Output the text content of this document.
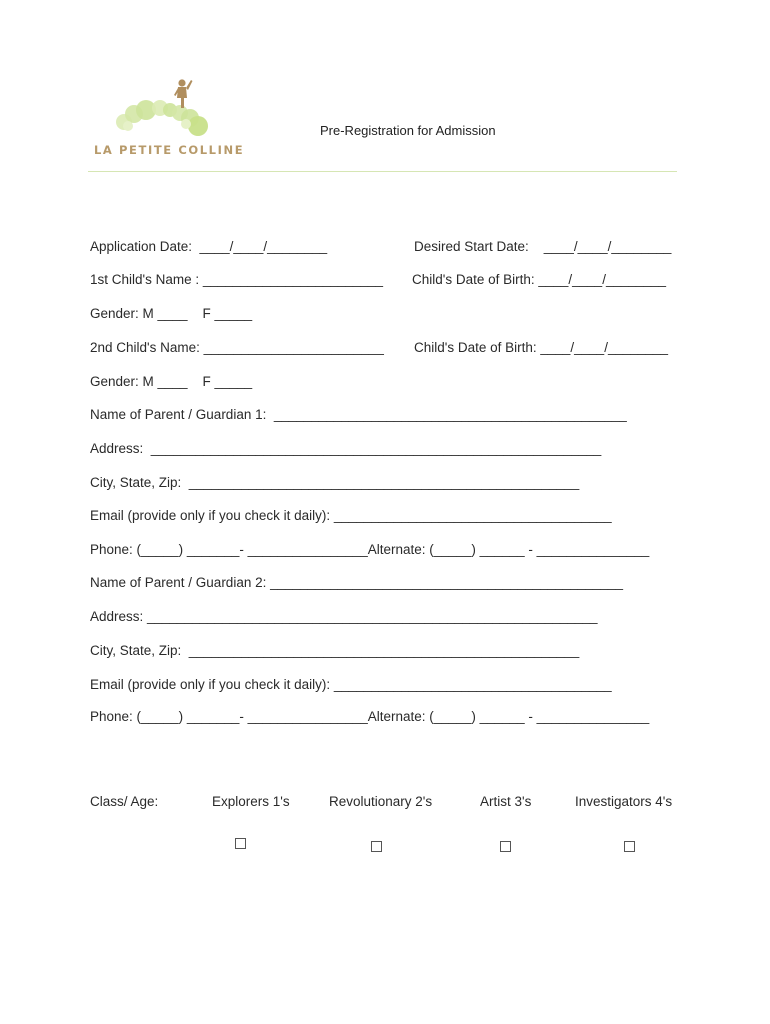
LA PETITE COLLINE
Pre-Registration for Admission
Application Date:  ____/____/________	Desired Start Date:    ____/____/________
1st Child's Name : ________________________ Child's Date of Birth: ____/____/________
Gender: M ____    F _____
2nd Child's Name: ________________________ Child's Date of Birth: ____/____/________
Gender: M ____    F _____
Name of Parent / Guardian 1:  _______________________________________________
Address:  ____________________________________________________________
City, State, Zip:  ____________________________________________________
Email (provide only if you check it daily): _____________________________________
Phone: (_____) _______- ________________Alternate: (_____) ______ - _______________
Name of Parent / Guardian 2: _______________________________________________
Address: ____________________________________________________________
City, State, Zip:  ____________________________________________________
Email (provide only if you check it daily): _____________________________________
Phone: (_____) _______- ________________Alternate: (_____) ______ - _______________
Class/ Age:	Explorers 1's	Revolutionary 2's	Artist 3's	Investigators 4's
